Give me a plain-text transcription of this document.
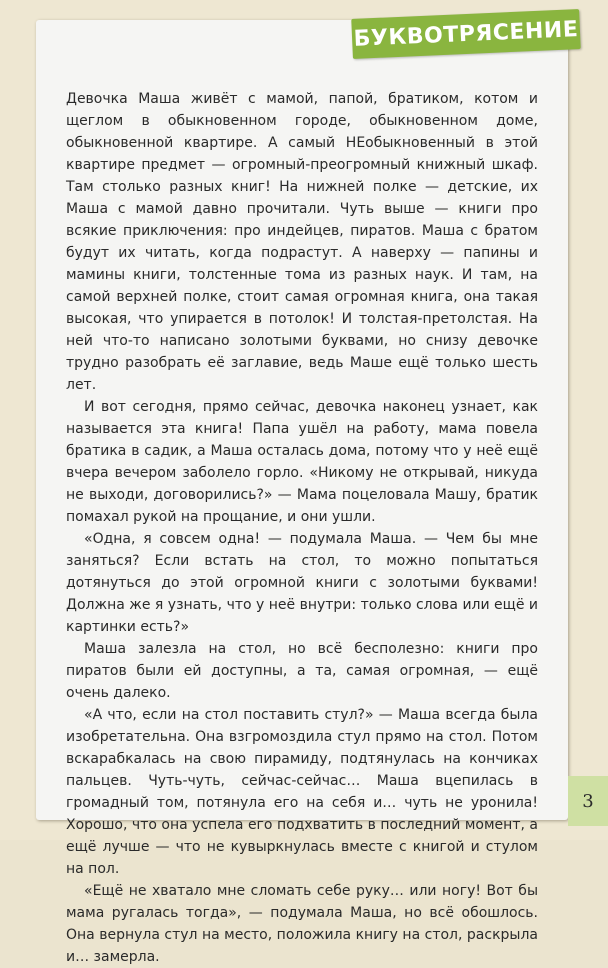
БУКВОТРЯСЕНИЕ

Девочка Маша живёт с мамой, папой, братиком, котом и щеглом в обыкновенном городе, обыкновенном доме, обыкновенной квартире. А самый НЕобыкновенный в этой квартире предмет — огромный-преогромный книжный шкаф. Там столько разных книг! На нижней полке — детские, их Маша с мамой давно прочитали. Чуть выше — книги про всякие приключения: про индейцев, пиратов. Маша с братом будут их читать, когда подрастут. А наверху — папины и мамины книги, толстенные тома из разных наук. И там, на самой верхней полке, стоит самая огромная книга, она такая высокая, что упирается в потолок! И толстая-претолстая. На ней что-то написано золотыми буквами, но снизу девочке трудно разобрать её заглавие, ведь Маше ещё только шесть лет.

И вот сегодня, прямо сейчас, девочка наконец узнает, как называется эта книга! Папа ушёл на работу, мама повела братика в садик, а Маша осталась дома, потому что у неё ещё вчера вечером заболело горло. «Никому не открывай, никуда не выходи, договорились?» — Мама поцеловала Машу, братик помахал рукой на прощание, и они ушли.

«Одна, я совсем одна! — подумала Маша. — Чем бы мне заняться? Если встать на стол, то можно попытаться дотянуться до этой огромной книги с золотыми буквами! Должна же я узнать, что у неё внутри: только слова или ещё и картинки есть?»

Маша залезла на стол, но всё бесполезно: книги про пиратов были ей доступны, а та, самая огромная, — ещё очень далеко.

«А что, если на стол поставить стул?» — Маша всегда была изобретательна. Она взгромоздила стул прямо на стол. Потом вскарабкалась на свою пирамиду, подтянулась на кончиках пальцев. Чуть-чуть, сейчас-сейчас… Маша вцепилась в громадный том, потянула его на себя и… чуть не уронила! Хорошо, что она успела его подхватить в последний момент, а ещё лучше — что не кувыркнулась вместе с книгой и стулом на пол.

«Ещё не хватало мне сломать себе руку… или ногу! Вот бы мама ругалась тогда», — подумала Маша, но всё обошлось. Она вернула стул на место, положила книгу на стол, раскрыла и… замерла.

3
